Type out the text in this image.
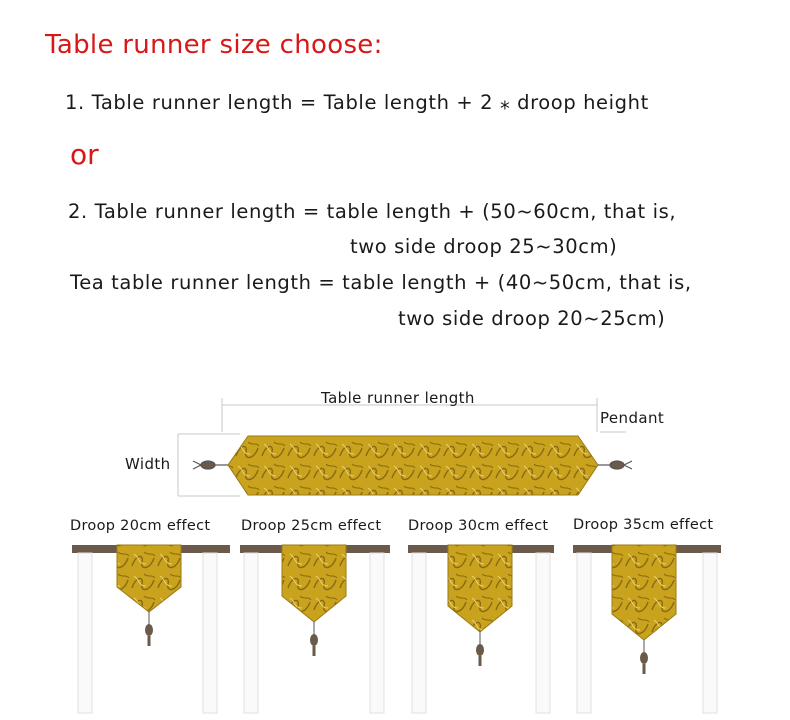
Table runner size choose:
1. Table runner length = Table length + 2 ⁎ droop height
or
2. Table runner length = table length + (50~60cm, that is,
two side droop 25~30cm)
Tea table runner length = table length + (40~50cm, that is,
two side droop 20~25cm)
Table runner length
Pendant
Width
Droop 20cm effect Droop 25cm effect Droop 30cm effect Droop 35cm effect
